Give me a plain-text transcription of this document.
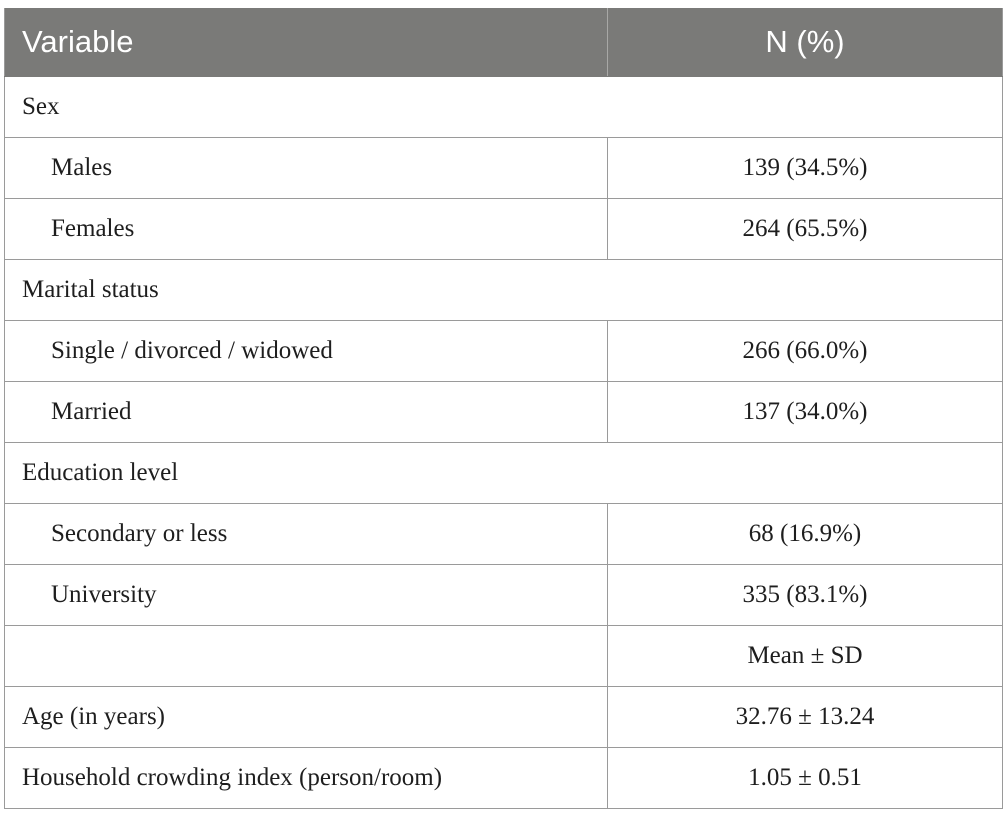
Variable	N (%)
Sex	
Males	139 (34.5%)
Females	264 (65.5%)
Marital status	
Single / divorced / widowed	266 (66.0%)
Married	137 (34.0%)
Education level	
Secondary or less	68 (16.9%)
University	335 (83.1%)
	Mean ± SD
Age (in years)	32.76 ± 13.24
Household crowding index (person/room)	1.05 ± 0.51
